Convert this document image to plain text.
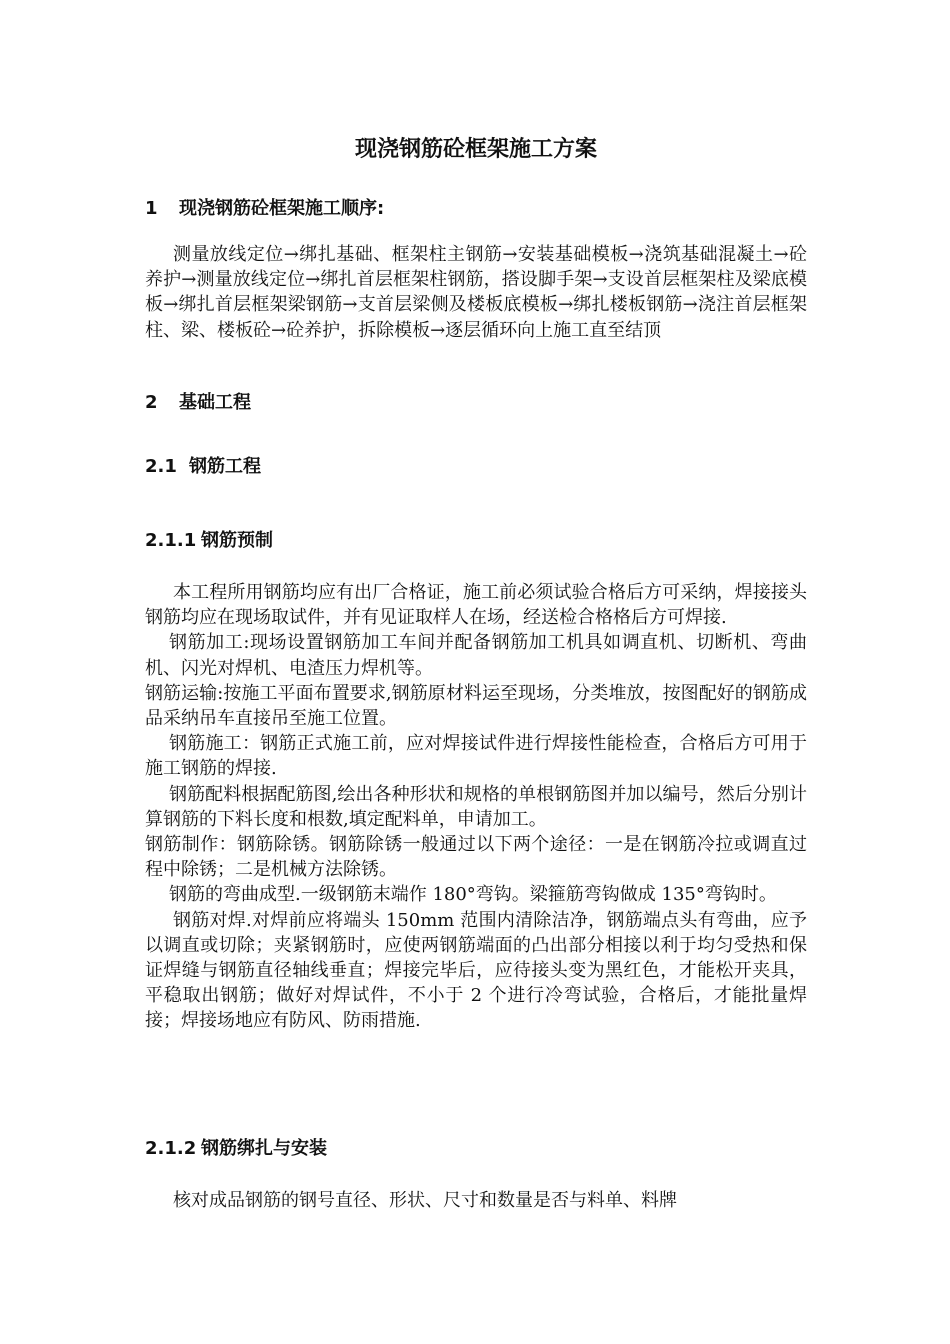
现浇钢筋砼框架施工方案
1 现浇钢筋砼框架施工顺序:

测量放线定位→绑扎基础、框架柱主钢筋→安装基础模板→浇筑基础混凝土→砼养护→测量放线定位→绑扎首层框架柱钢筋，搭设脚手架→支设首层框架柱及梁底模板→绑扎首层框架梁钢筋→支首层梁侧及楼板底模板→绑扎楼板钢筋→浇注首层框架柱、梁、楼板砼→砼养护，拆除模板→逐层循环向上施工直至结顶

2 基础工程
2.1 钢筋工程
2.1.1 钢筋预制

本工程所用钢筋均应有出厂合格证，施工前必须试验合格后方可采纳，焊接接头钢筋均应在现场取试件，并有见证取样人在场，经送检合格格后方可焊接.

钢筋加工:现场设置钢筋加工车间并配备钢筋加工机具如调直机、切断机、弯曲机、闪光对焊机、电渣压力焊机等。

钢筋运输:按施工平面布置要求,钢筋原材料运至现场，分类堆放，按图配好的钢筋成品采纳吊车直接吊至施工位置。

钢筋施工：钢筋正式施工前，应对焊接试件进行焊接性能检查，合格后方可用于施工钢筋的焊接.

钢筋配料根据配筋图,绘出各种形状和规格的单根钢筋图并加以编号，然后分别计算钢筋的下料长度和根数,填定配料单，申请加工。

钢筋制作：钢筋除锈。钢筋除锈一般通过以下两个途径：一是在钢筋冷拉或调直过程中除锈；二是机械方法除锈。

钢筋的弯曲成型.一级钢筋末端作 180°弯钩。梁箍筋弯钩做成 135°弯钩时。

钢筋对焊.对焊前应将端头 150mm 范围内清除洁净，钢筋端点头有弯曲，应予以调直或切除；夹紧钢筋时，应使两钢筋端面的凸出部分相接以利于均匀受热和保证焊缝与钢筋直径轴线垂直；焊接完毕后，应待接头变为黑红色，才能松开夹具，平稳取出钢筋；做好对焊试件，不小于 2 个进行冷弯试验，合格后，才能批量焊接；焊接场地应有防风、防雨措施.

2.1.2 钢筋绑扎与安装

核对成品钢筋的钢号直径、形状、尺寸和数量是否与料单、料牌
